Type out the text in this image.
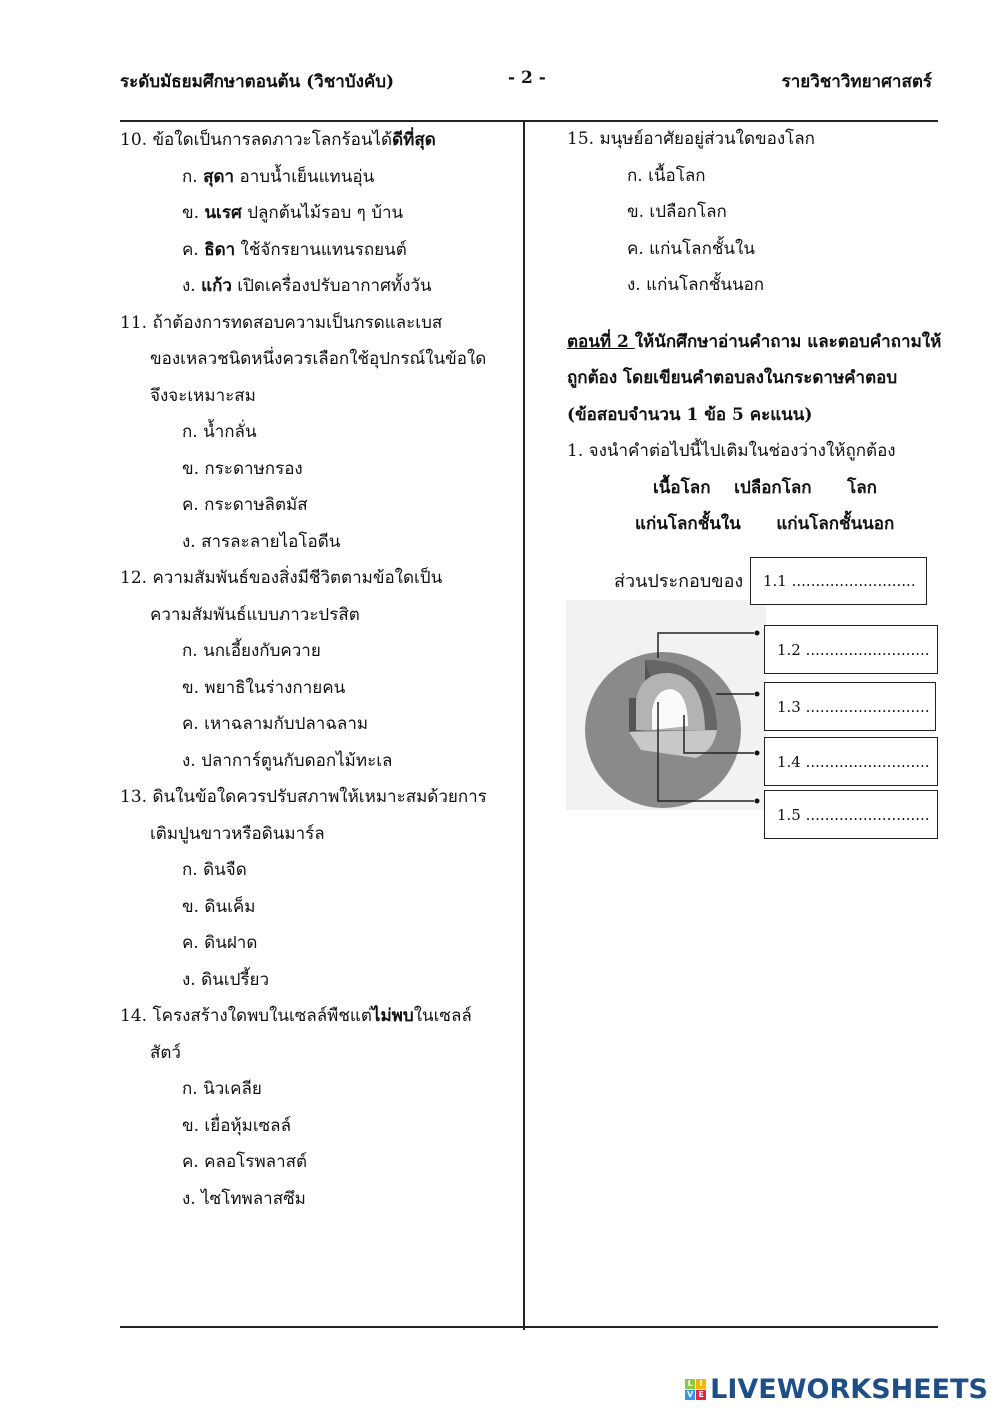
ระดับมัธยมศึกษาตอนต้น (วิชาบังคับ)	- 2 -	รายวิชาวิทยาศาสตร์
10. ข้อใดเป็นการลดภาวะโลกร้อนได้ดีที่สุด
ก. สุดา อาบน้ำเย็นแทนอุ่น
ข. นเรศ ปลูกต้นไม้รอบ ๆ บ้าน
ค. ธิดา ใช้จักรยานแทนรถยนต์
ง. แก้ว เปิดเครื่องปรับอากาศทั้งวัน
11. ถ้าต้องการทดสอบความเป็นกรดและเบส
ของเหลวชนิดหนึ่งควรเลือกใช้อุปกรณ์ในข้อใด
จึงจะเหมาะสม
ก. น้ำกลั่น
ข. กระดาษกรอง
ค. กระดาษลิตมัส
ง. สารละลายไอโอดีน
12. ความสัมพันธ์ของสิ่งมีชีวิตตามข้อใดเป็น
ความสัมพันธ์แบบภาวะปรสิต
ก. นกเอี้ยงกับควาย
ข. พยาธิในร่างกายคน
ค. เหาฉลามกับปลาฉลาม
ง. ปลาการ์ตูนกับดอกไม้ทะเล
13. ดินในข้อใดควรปรับสภาพให้เหมาะสมด้วยการ
เติมปูนขาวหรือดินมาร์ล
ก. ดินจืด
ข. ดินเค็ม
ค. ดินฝาด
ง. ดินเปรี้ยว
14. โครงสร้างใดพบในเซลล์พืชแต่ไม่พบในเซลล์
สัตว์
ก. นิวเคลีย
ข. เยื่อหุ้มเซลล์
ค. คลอโรพลาสต์
ง. ไซโทพลาสซึม
15. มนุษย์อาศัยอยู่ส่วนใดของโลก
ก. เนื้อโลก
ข. เปลือกโลก
ค. แก่นโลกชั้นใน
ง. แก่นโลกชั้นนอก
ตอนที่ 2 ให้นักศึกษาอ่านคำถาม และตอบคำถามให้
ถูกต้อง โดยเขียนคำตอบลงในกระดาษคำตอบ
(ข้อสอบจำนวน 1 ข้อ 5 คะแนน)
1. จงนำคำต่อไปนี้ไปเติมในช่องว่างให้ถูกต้อง
เนื้อโลก เปลือกโลก โลก
แก่นโลกชั้นใน แก่นโลกชั้นนอก
ส่วนประกอบของ	1.1 ..........................
1.2 ..........................
1.3 ..........................
1.4 ..........................
1.5 ..........................
L I
V E LIVEWORKSHEETS
